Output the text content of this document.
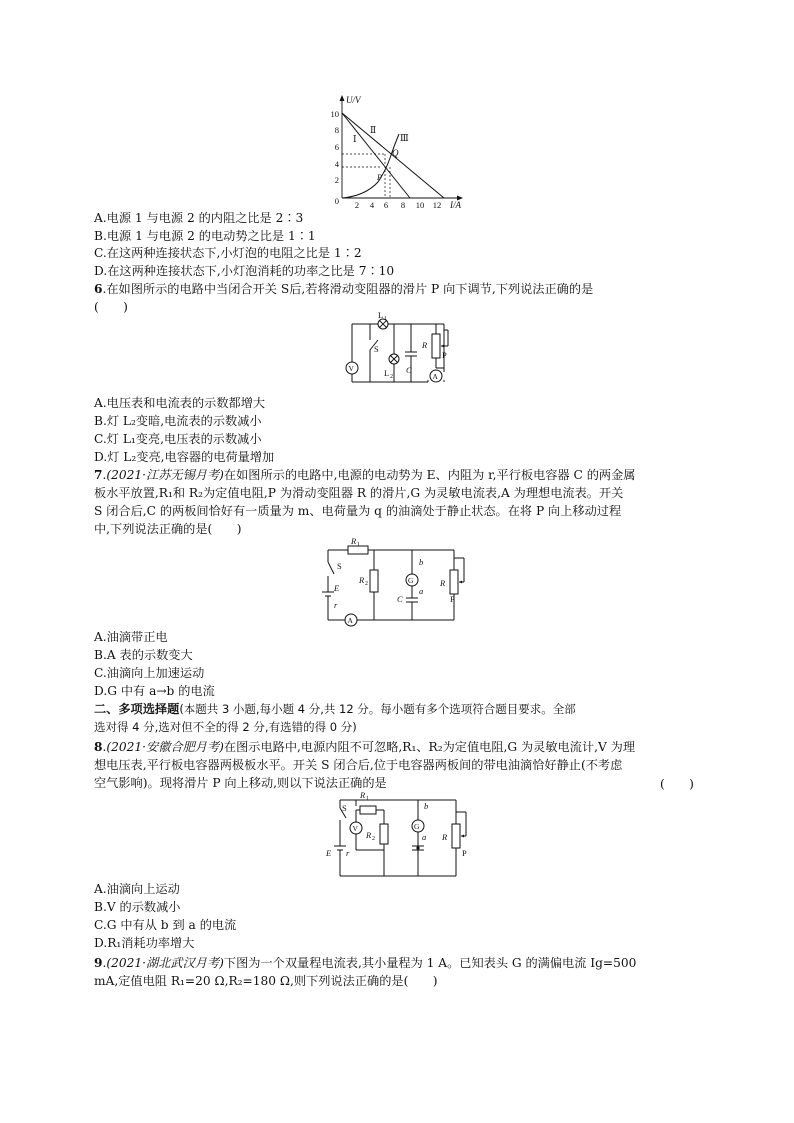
U/V
I/A
10
8
6
4
2
0 2 4 6 8 10 12
Ⅰ
Ⅱ
Ⅲ
Q
P
A.电源 1 与电源 2 的内阻之比是 2∶3
B.电源 1 与电源 2 的电动势之比是 1∶1
C.在这两种连接状态下,小灯泡的电阻之比是 1∶2
D.在这两种连接状态下,小灯泡消耗的功率之比是 7∶10
6.在如图所示的电路中当闭合开关 S后,若将滑动变阻器的滑片 P 向下调节,下列说法正确的是
(　　)
L 1
S
L 2
C
R
P
V
A
A.电压表和电流表的示数都增大
B.灯 L₂变暗,电流表的示数减小
C.灯 L₁变亮,电压表的示数减小
D.灯 L₂变亮,电容器的电荷量增加
7.(2021·江苏无锡月考)在如图所示的电路中,电源的电动势为 E、内阻为 r,平行板电容器 C 的两金属
板水平放置,R₁和 R₂为定值电阻,P 为滑动变阻器 R 的滑片,G 为灵敏电流表,A 为理想电流表。开关
S 闭合后,C 的两板间恰好有一质量为 m、电荷量为 q 的油滴处于静止状态。在将 P 向上移动过程
中,下列说法正确的是(　　)
R 1
S
E
r
R 2
b
G
C
a
R
P
A
A.油滴带正电
B.A 表的示数变大
C.油滴向上加速运动
D.G 中有 a→b 的电流
二、多项选择题(本题共 3 小题,每小题 4 分,共 12 分。每小题有多个选项符合题目要求。全部
选对得 4 分,选对但不全的得 2 分,有选错的得 0 分)
8.(2021·安徽合肥月考)在图示电路中,电源内阻不可忽略,R₁、R₂为定值电阻,G 为灵敏电流计,V 为理
想电压表,平行板电容器两极板水平。开关 S 闭合后,位于电容器两板间的带电油滴恰好静止(不考虑
空气影响)。现将滑片 P 向上移动,则以下说法正确的是	(　　)
S
R 1
b
V
R 2
G
a
E r
R
P
A.油滴向上运动
B.V 的示数减小
C.G 中有从 b 到 a 的电流
D.R₁消耗功率增大
9.(2021·湖北武汉月考)下图为一个双量程电流表,其小量程为 1 A。已知表头 G 的满偏电流 Ig=500
mA,定值电阻 R₁=20 Ω,R₂=180 Ω,则下列说法正确的是(　　)
